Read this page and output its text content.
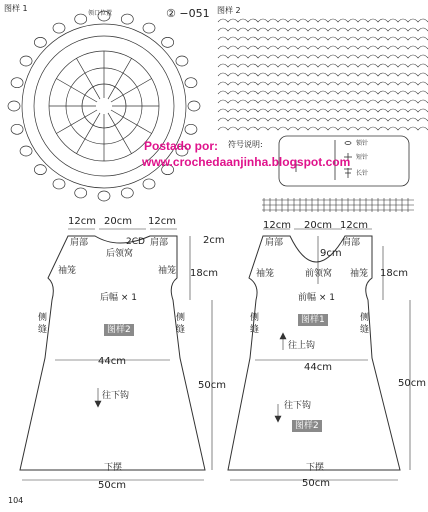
图样 1
领口位置	② −051 图样 2
Postado por:
www.crochedaanjinha.blogspot.com
符号说明:	锁针
短针
长针
12cm 20cm 12cm
肩部	肩部
2CD
后领窝
2cm
袖笼	袖笼 18cm
后幅 × 1
侧缝
侧缝
图样2
44cm
50cm
往下钩
下摆
50cm
12cm 20cm 12cm
肩部	肩部
9cm
前领窝
袖笼	袖笼 18cm
前幅 × 1
侧缝
侧缝
图样1
往上钩
44cm
50cm
往下钩
图样2
下摆
50cm
104
